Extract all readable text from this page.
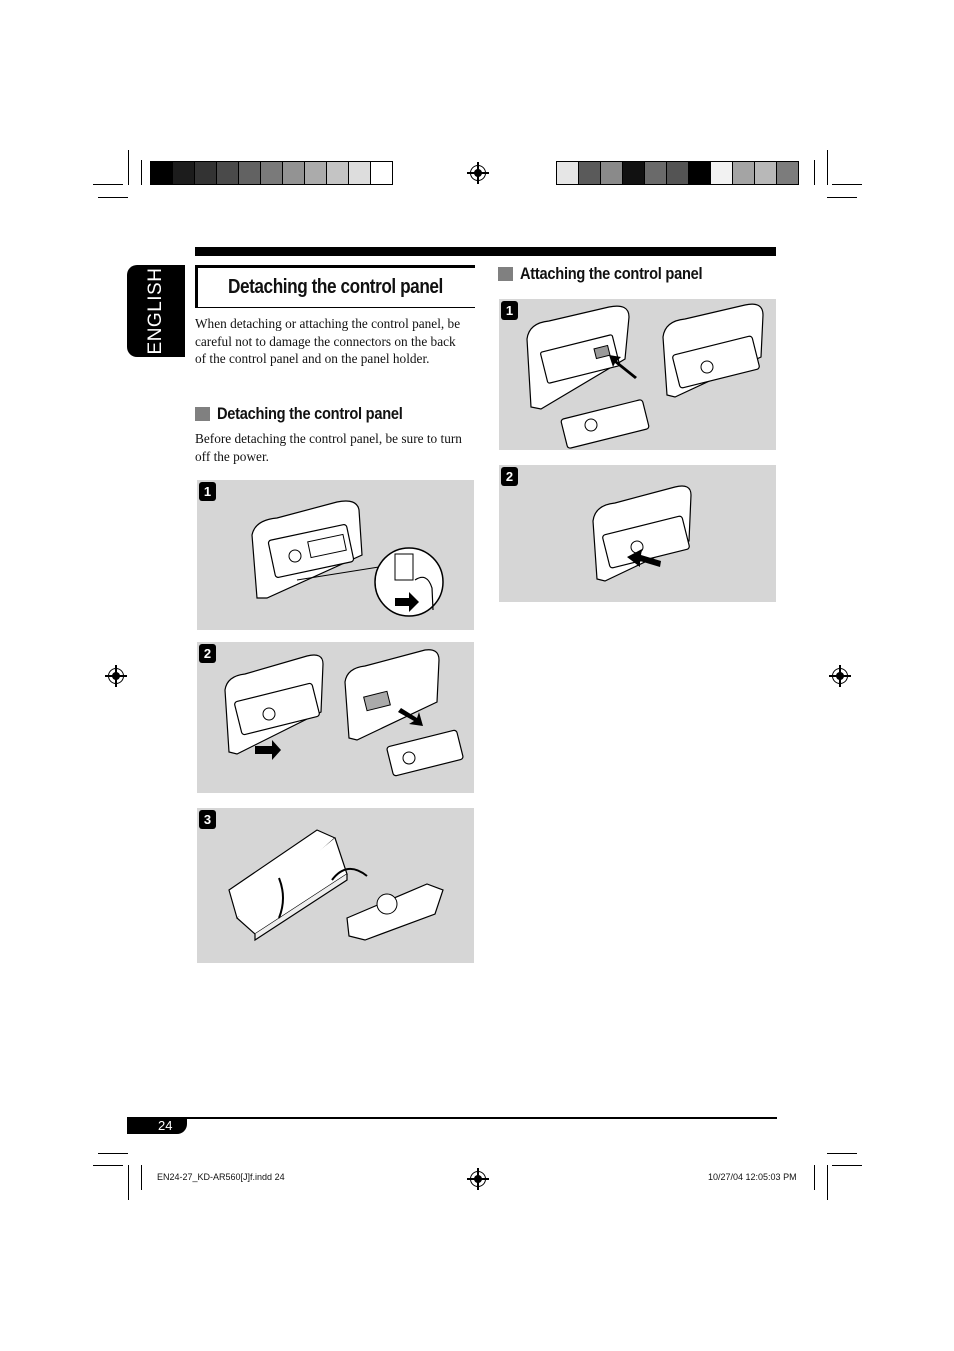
ENGLISH	Detaching the control panel

When detaching or attaching the control panel, be careful not to damage the connectors on the back of the control panel and on the panel holder.

Detaching the control panel

Before detaching the control panel, be sure to turn off the power.

1
2
3
Attaching the control panel
1
2
24
EN24-27_KD-AR560[J]f.indd 24	10/27/04 12:05:03 PM
